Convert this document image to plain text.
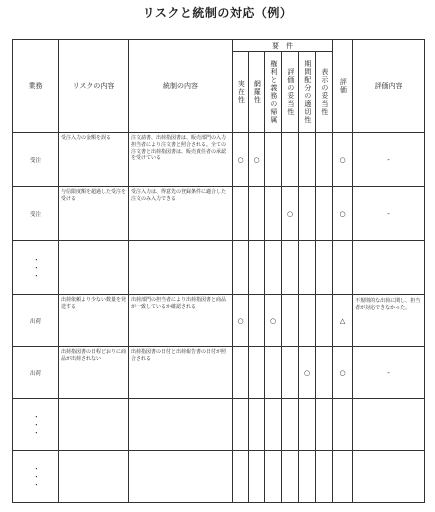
リスクと統制の対応（例）
業務	リスクの内容	統制の内容	要　件						評価	評価内容

			実在性	網羅性	権利と義務の帰属	評価の妥当性	期間配分の適切性	表示の妥当性		

受注	受注入力の金額を誤る	注文請書、出荷指図書は、販売部門の入力担当者により注文書と照合される。全ての注文書と出荷指図書は、販売責任者の承認を受けている	○	○					○	-
受注	与信限度額を超過した受注を受ける	受注入力は、得意先の登録条件に適合した注文のみ入力できる				○			○	-

・・・										

出荷	出荷依頼より少ない数量を発送する	出荷部門の担当者により出荷指図書と商品が一致しているか確認される	○		○				△	不規則的な出荷に関し、担当者が対応できなかった。
出荷	出荷指図書の日程どおりに商品が出荷されない	出荷指図書の日付と出荷報告書の日付が照合される					○		○	-

・・・										

・・・										
